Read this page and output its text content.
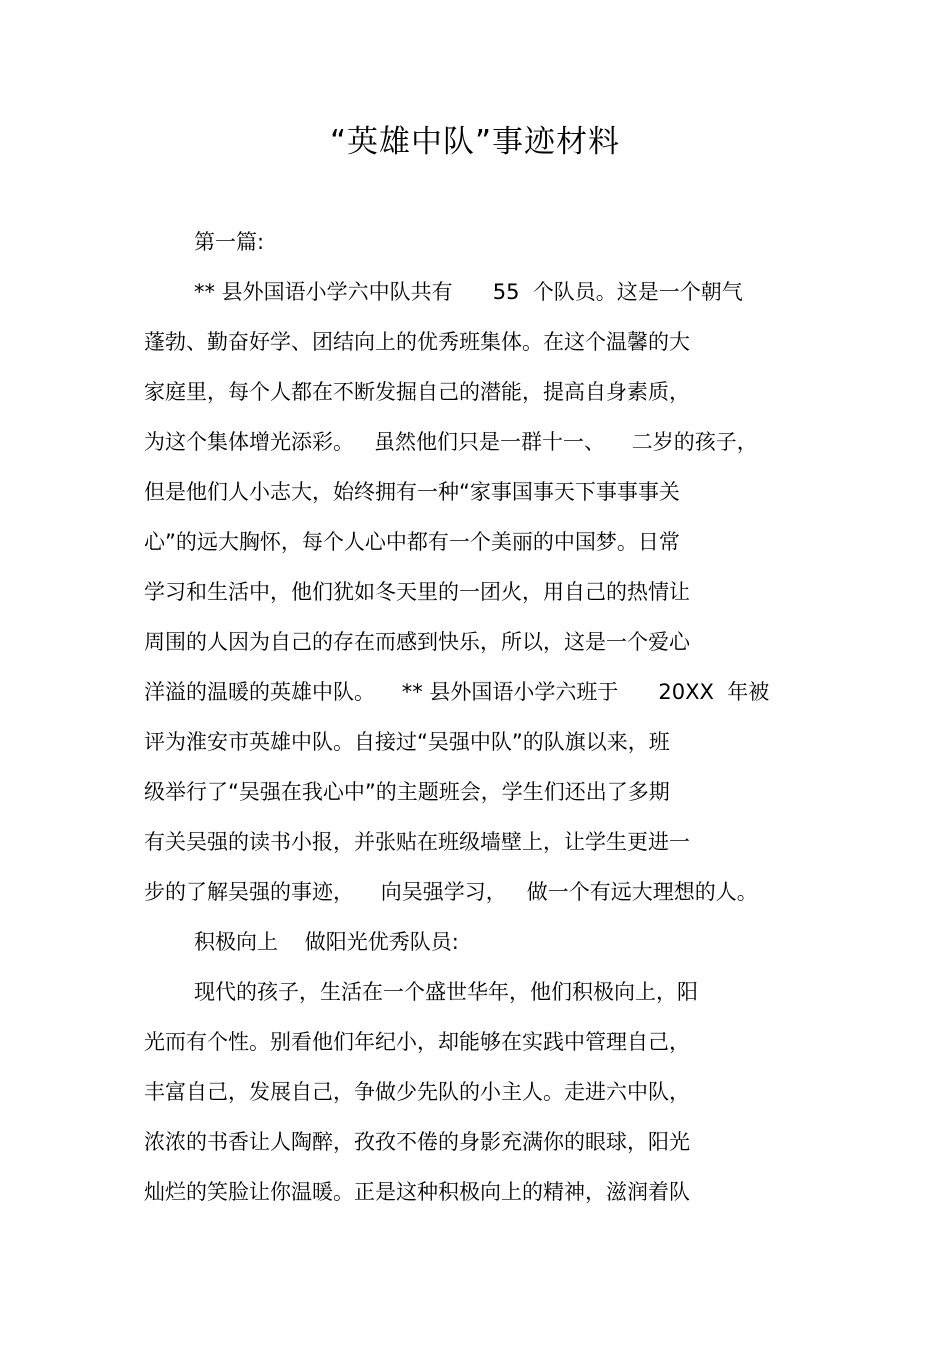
“英雄中队”事迹材料
第一篇:
** 县外国语小学六中队共有      55  个队员。这是一个朝气
蓬勃、勤奋好学、团结向上的优秀班集体。在这个温馨的大
家庭里，每个人都在不断发掘自己的潜能，提高自身素质，
为这个集体增光添彩。   虽然他们只是一群十一、    二岁的孩子，
但是他们人小志大，始终拥有一种“家事国事天下事事事关
心”的远大胸怀，每个人心中都有一个美丽的中国梦。日常
学习和生活中，他们犹如冬天里的一团火，用自己的热情让
周围的人因为自己的存在而感到快乐，所以，这是一个爱心
洋溢的温暖的英雄中队。    ** 县外国语小学六班于      20XX  年被
评为淮安市英雄中队。自接过“吴强中队”的队旗以来，班
级举行了“吴强在我心中”的主题班会，学生们还出了多期
有关吴强的读书小报，并张贴在班级墙壁上，让学生更进一
步的了解吴强的事迹，    向吴强学习，   做一个有远大理想的人。
积极向上    做阳光优秀队员:
现代的孩子，生活在一个盛世华年，他们积极向上，阳
光而有个性。别看他们年纪小，却能够在实践中管理自己，
丰富自己，发展自己，争做少先队的小主人。走进六中队，
浓浓的书香让人陶醉，孜孜不倦的身影充满你的眼球，阳光
灿烂的笑脸让你温暖。正是这种积极向上的精神，滋润着队
